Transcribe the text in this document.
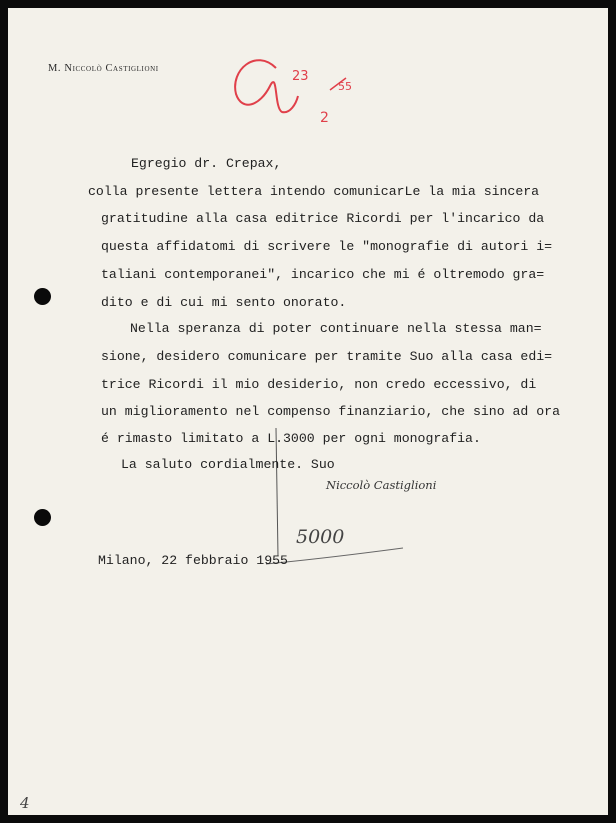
M. Niccolò Castiglioni
23
55
2
Egregio dr. Crepax,
colla presente lettera intendo comunicarLe la mia sincera
gratitudine alla casa editrice Ricordi per l'incarico da
questa affidatomi di scrivere le "monografie di autori i=
taliani contemporanei", incarico che mi é oltremodo gra=
dito e di cui mi sento onorato.
Nella speranza di poter continuare nella stessa man=
sione, desidero comunicare per tramite Suo alla casa edi=
trice Ricordi il mio desiderio, non credo eccessivo, di
un miglioramento nel compenso finanziario, che sino ad ora
é rimasto limitato a L.3000 per ogni monografia.
La saluto cordialmente. Suo
Niccolò Castiglioni
5000
Milano, 22 febbraio 1955
4
